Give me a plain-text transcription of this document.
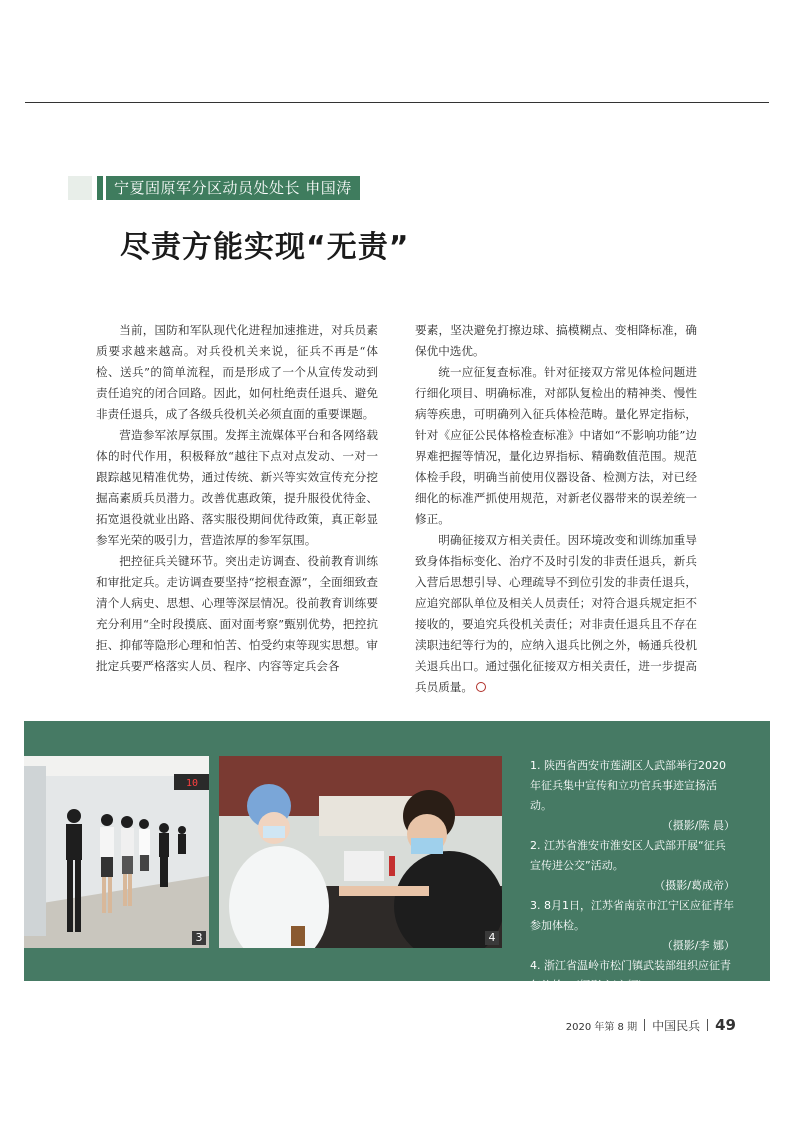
宁夏固原军分区动员处处长 申国涛
尽责方能实现“无责”

当前，国防和军队现代化进程加速推进，对兵员素质要求越来越高。对兵役机关来说，征兵不再是“体检、送兵”的简单流程，而是形成了一个从宣传发动到责任追究的闭合回路。因此，如何杜绝责任退兵、避免非责任退兵，成了各级兵役机关必须直面的重要课题。

营造参军浓厚氛围。发挥主流媒体平台和各网络载体的时代作用，积极释放“越往下点对点发动、一对一跟踪越见精准优势，通过传统、新兴等实效宣传充分挖掘高素质兵员潜力。改善优惠政策，提升服役优待金、拓宽退役就业出路、落实服役期间优待政策，真正彰显参军光荣的吸引力，营造浓厚的参军氛围。

把控征兵关键环节。突出走访调查、役前教育训练和审批定兵。走访调查要坚持“挖根查源”，全面细致查清个人病史、思想、心理等深层情况。役前教育训练要充分利用“全时段摸底、面对面考察”甄别优势，把控抗拒、抑郁等隐形心理和怕苦、怕受约束等现实思想。审批定兵要严格落实人员、程序、内容等定兵会各

要素，坚决避免打擦边球、搞模糊点、变相降标准，确保优中选优。

统一应征复查标准。针对征接双方常见体检问题进行细化项目、明确标准，对部队复检出的精神类、慢性病等疾患，可明确列入征兵体检范畴。量化界定指标，针对《应征公民体格检查标准》中诸如“不影响功能”边界难把握等情况，量化边界指标、精确数值范围。规范体检手段，明确当前使用仪器设备、检测方法，对已经细化的标准严抓使用规范，对新老仪器带来的误差统一修正。

明确征接双方相关责任。因环境改变和训练加重导致身体指标变化、治疗不及时引发的非责任退兵，新兵入营后思想引导、心理疏导不到位引发的非责任退兵，应追究部队单位及相关人员责任；对符合退兵规定拒不接收的，要追究兵役机关责任；对非责任退兵且不存在渎职违纪等行为的，应纳入退兵比例之外，畅通兵役机关退兵出口。通过强化征接双方相关责任，进一步提高兵员质量。

10
3	4

1. 陕西省西安市莲湖区人武部举行2020年征兵集中宣传和立功官兵事迹宣扬活动。

（摄影/陈 晨）

2. 江苏省淮安市淮安区人武部开展“征兵宣传进公交”活动。

（摄影/葛成帝）

3. 8月1日，江苏省南京市江宁区应征青年参加体检。

（摄影/李 娜）

4. 浙江省温岭市松门镇武装部组织应征青年体检。（摄影/江文辉）

2020 年第 8 期 中国民兵 49
